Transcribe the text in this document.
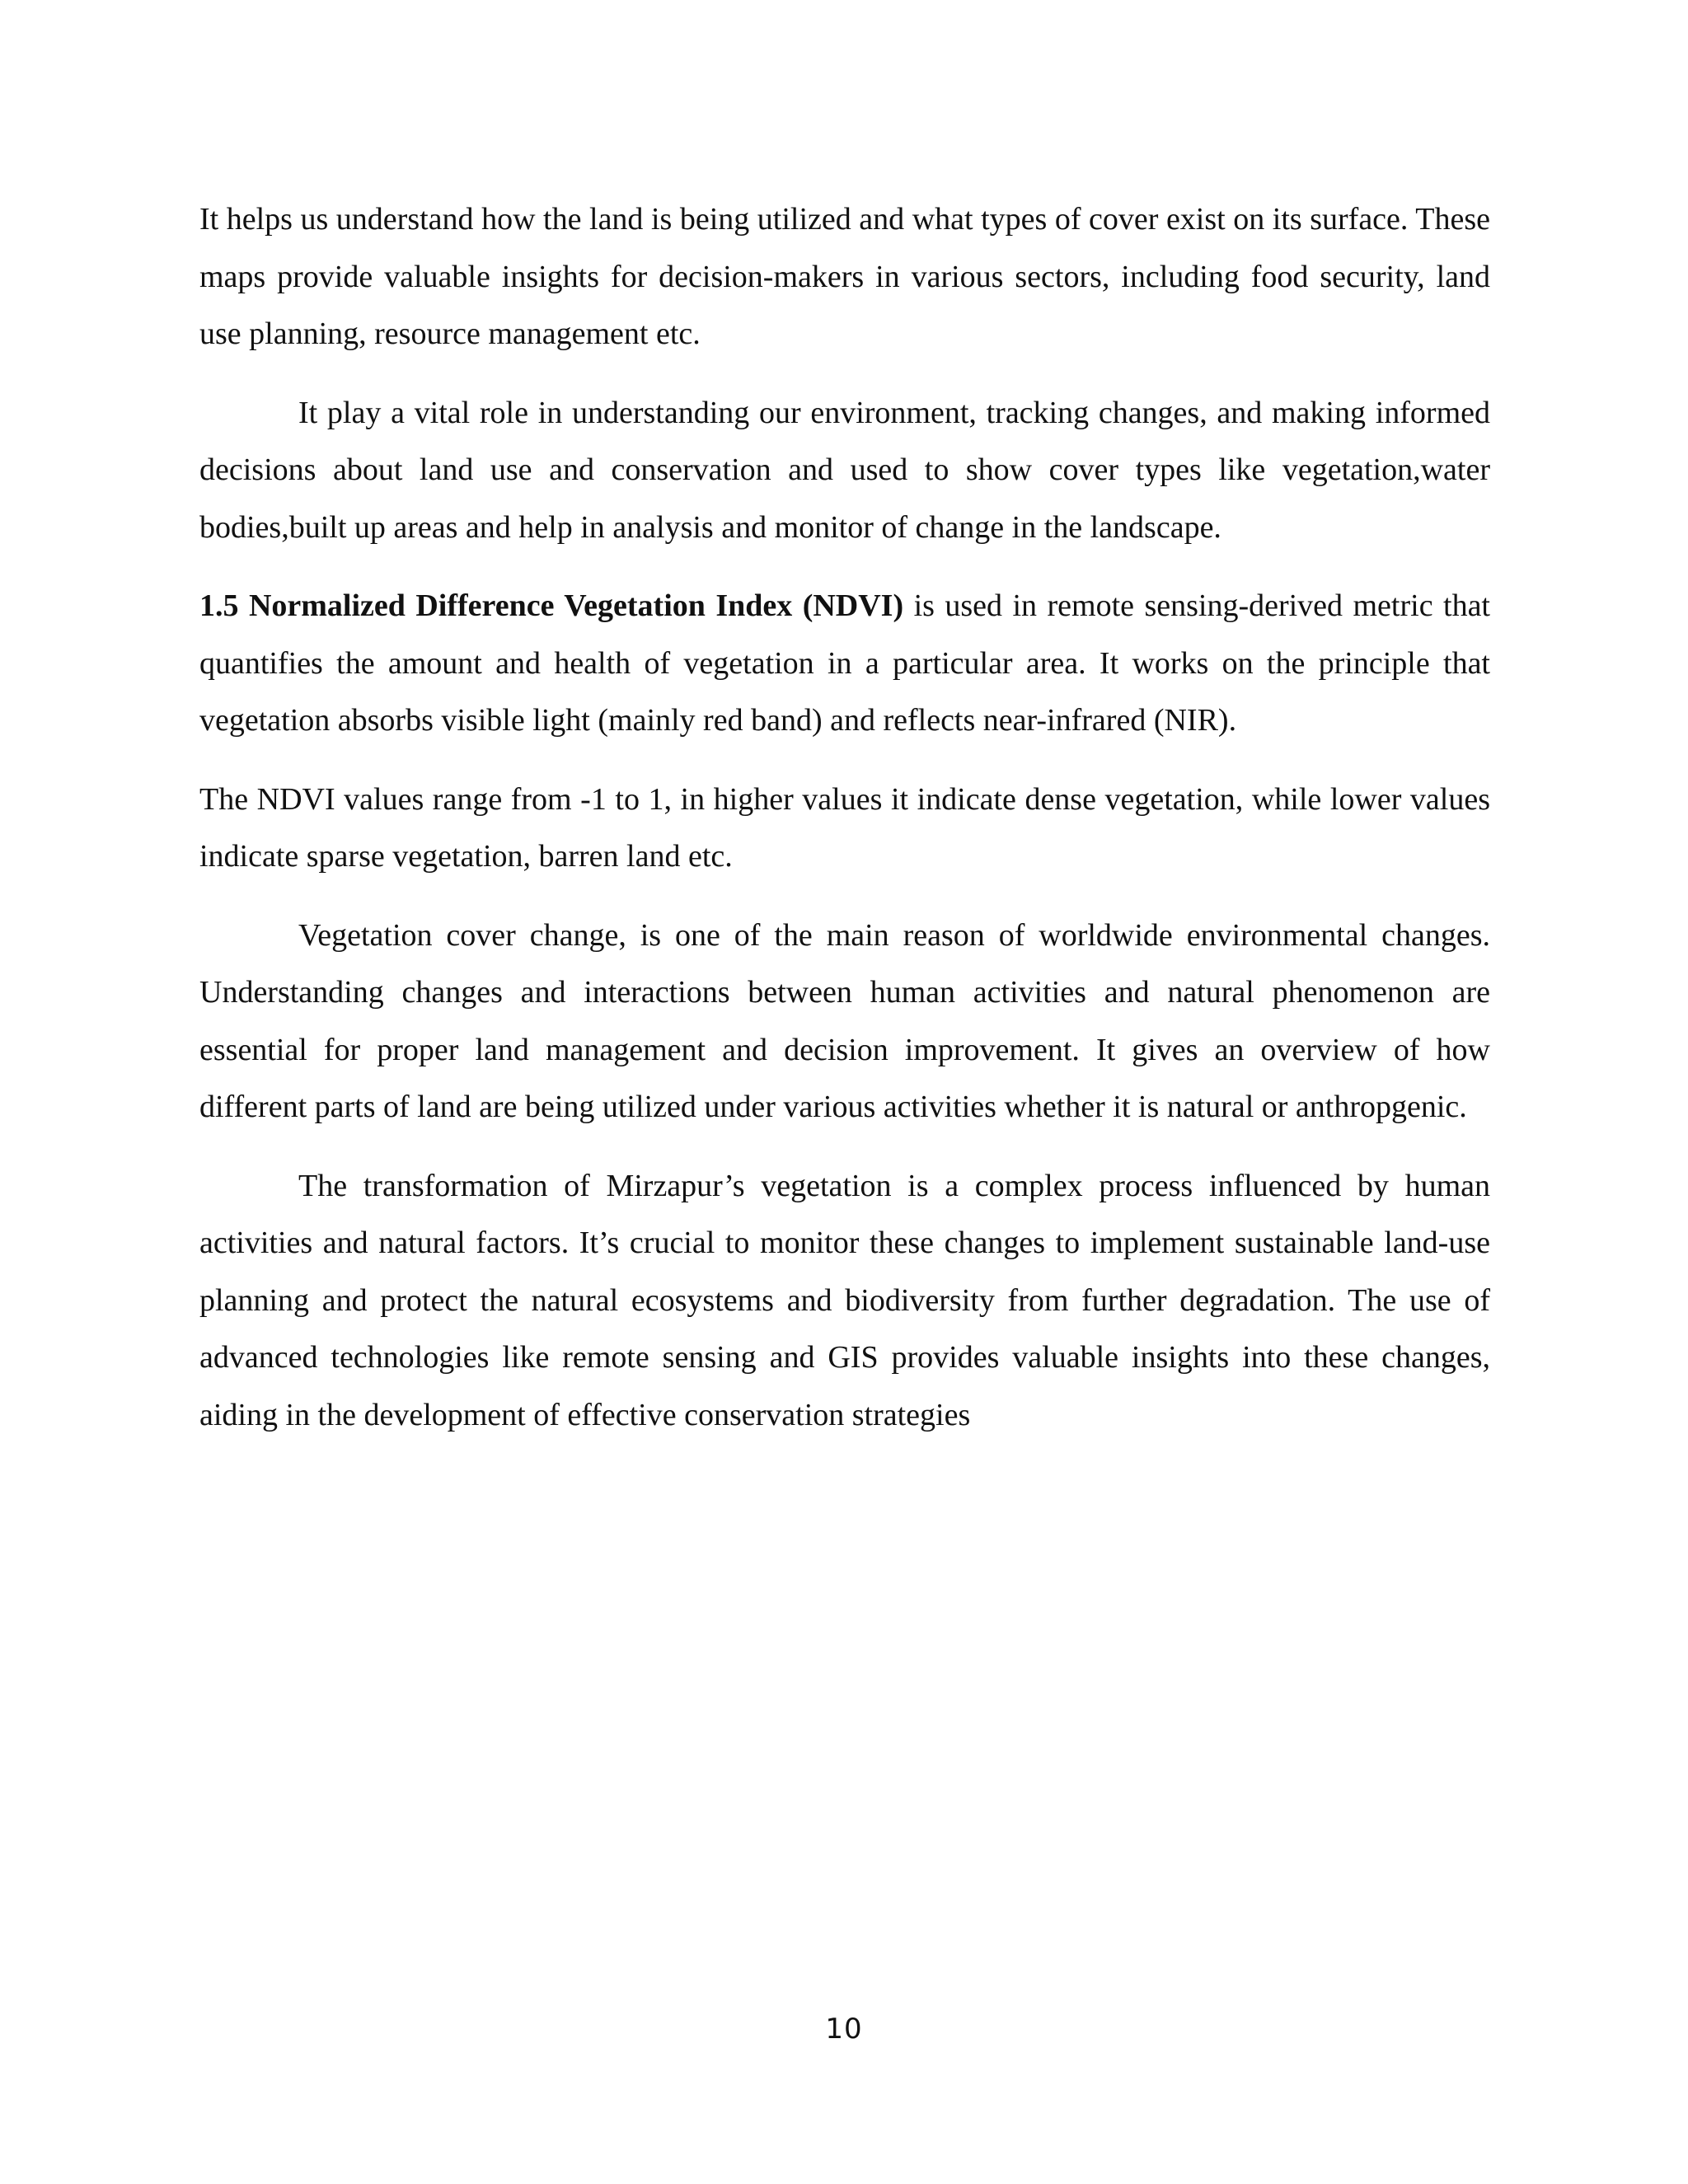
It helps us understand how the land is being utilized and what types of cover exist on its surface. These maps provide valuable insights for decision-makers in various sectors, including food security, land use planning, resource management etc.

It play a vital role in understanding our environment, tracking changes, and making informed decisions about land use and conservation and used to show cover types like vegetation,water bodies,built up areas and help in analysis and monitor of change in the landscape.

1.5 Normalized Difference Vegetation Index (NDVI) is used in remote sensing-derived metric that quantifies the amount and health of vegetation in a particular area. It works on the principle that vegetation absorbs visible light (mainly red band) and reflects near-infrared (NIR).

The NDVI values range from -1 to 1, in higher values it indicate dense vegetation, while lower values indicate sparse vegetation, barren land etc.

Vegetation cover change, is one of the main reason of worldwide environmental changes. Understanding changes and interactions between human activities and natural phenomenon are essential for proper land management and decision improvement. It gives an overview of how different parts of land are being utilized under various activities whether it is natural or anthropgenic.

The transformation of Mirzapur’s vegetation is a complex process influenced by human activities and natural factors. It’s crucial to monitor these changes to implement sustainable land-use planning and protect the natural ecosystems and biodiversity from further degradation. The use of advanced technologies like remote sensing and GIS provides valuable insights into these changes, aiding in the development of effective conservation strategies

10
